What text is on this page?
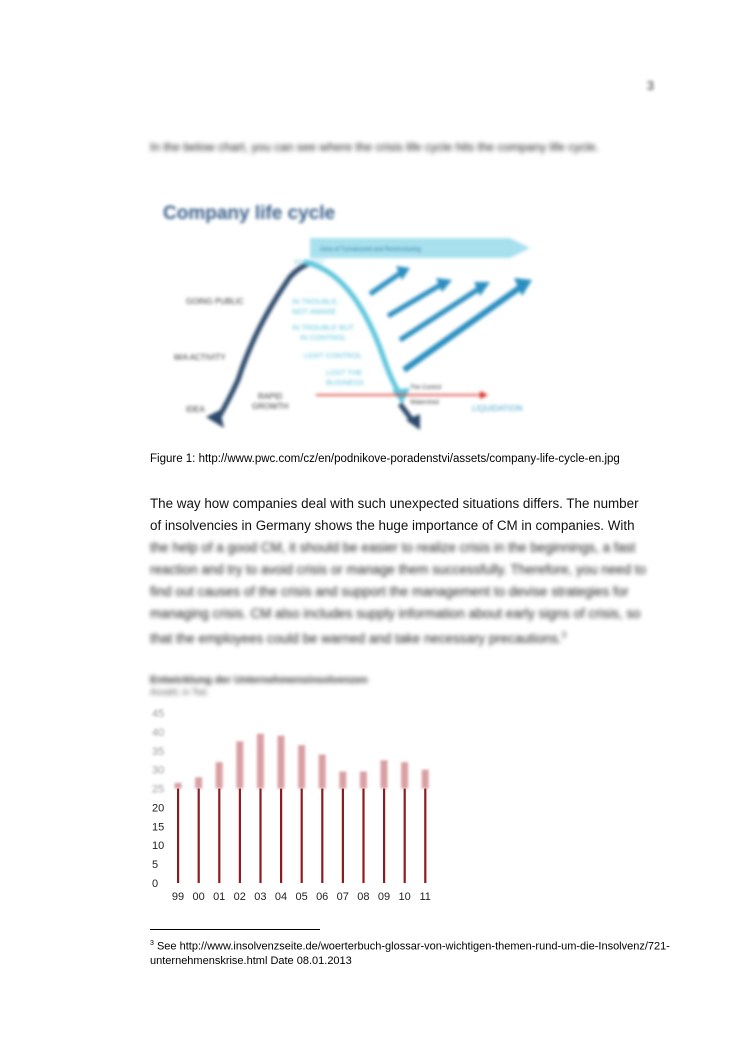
3
In the below chart, you can see where the crisis life cycle hits the company life cycle.
Company life cycle
Area of Turnaround and Restructuring
MATURITY
The Control
Watershed
LIQUIDATION
GOING PUBLIC
M/A ACTIVITY
IDEA
RAPID
GROWTH
IN TROUBLE,
NOT AWARE
IN TROUBLE BUT
IN CONTROL
LOST CONTROL
LOST THE
BUSINESS
Figure 1: http://www.pwc.com/cz/en/podnikove-poradenstvi/assets/company-life-cycle-en.jpg
The way how companies deal with such unexpected situations differs. The number
of insolvencies in Germany shows the huge importance of CM in companies. With
the help of a good CM, it should be easier to realize crisis in the beginnings, a fast reaction and try to avoid crisis or manage them successfully. Therefore, you need to find out causes of the crisis and support the management to devise strategies for managing crisis. CM also includes supply information about early signs of crisis, so that the employees could be warned and take necessary precautions.$^3$
Entwicklung der Unternehmensinsolvenzen
Anzahl, in Tsd.
0
5
10
15
20
25
30
35
40
45
99 00 01 02 03 04 05 06 07 08 09 10 11
$^3$ See http://www.insolvenzseite.de/woerterbuch-glossar-von-wichtigen-themen-rund-um-die-Insolvenz/721-unternehmenskrise.html Date 08.01.2013
